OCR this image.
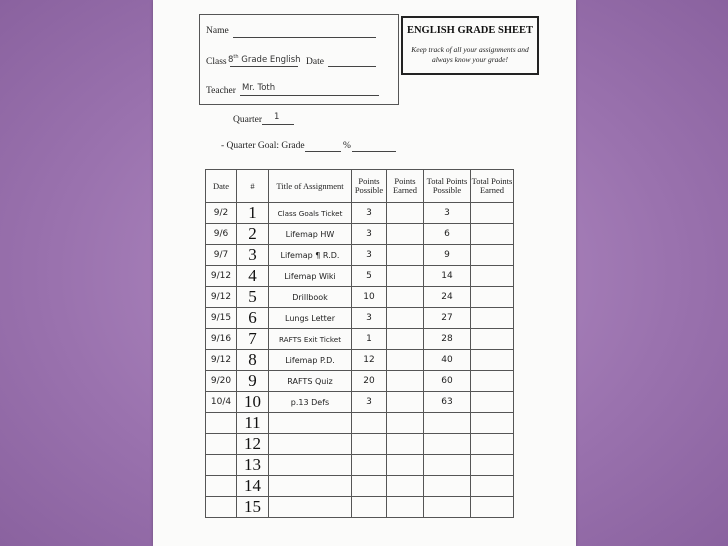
Name
Class 8th Grade English Date
Teacher Mr. Toth
ENGLISH GRADE SHEET
Keep track of all your assignments and always know your grade!
Quarter 1
- Quarter Goal: Grade	%
Date	#	Title of Assignment	Points Possible	Points Earned	Total Points Possible	Total Points Earned
9/2	1	Class Goals Ticket	3		3	
9/6	2	Lifemap HW	3		6	
9/7	3	Lifemap ¶ R.D.	3		9	
9/12	4	Lifemap Wiki	5		14	
9/12	5	Drillbook	10		24	
9/15	6	Lungs Letter	3		27	
9/16	7	RAFTS Exit Ticket	1		28	
9/12	8	Lifemap P.D.	12		40	
9/20	9	RAFTS Quiz	20		60	
10/4	10	p.13 Defs	3		63	
	11					
	12					
	13					
	14					
	15					
